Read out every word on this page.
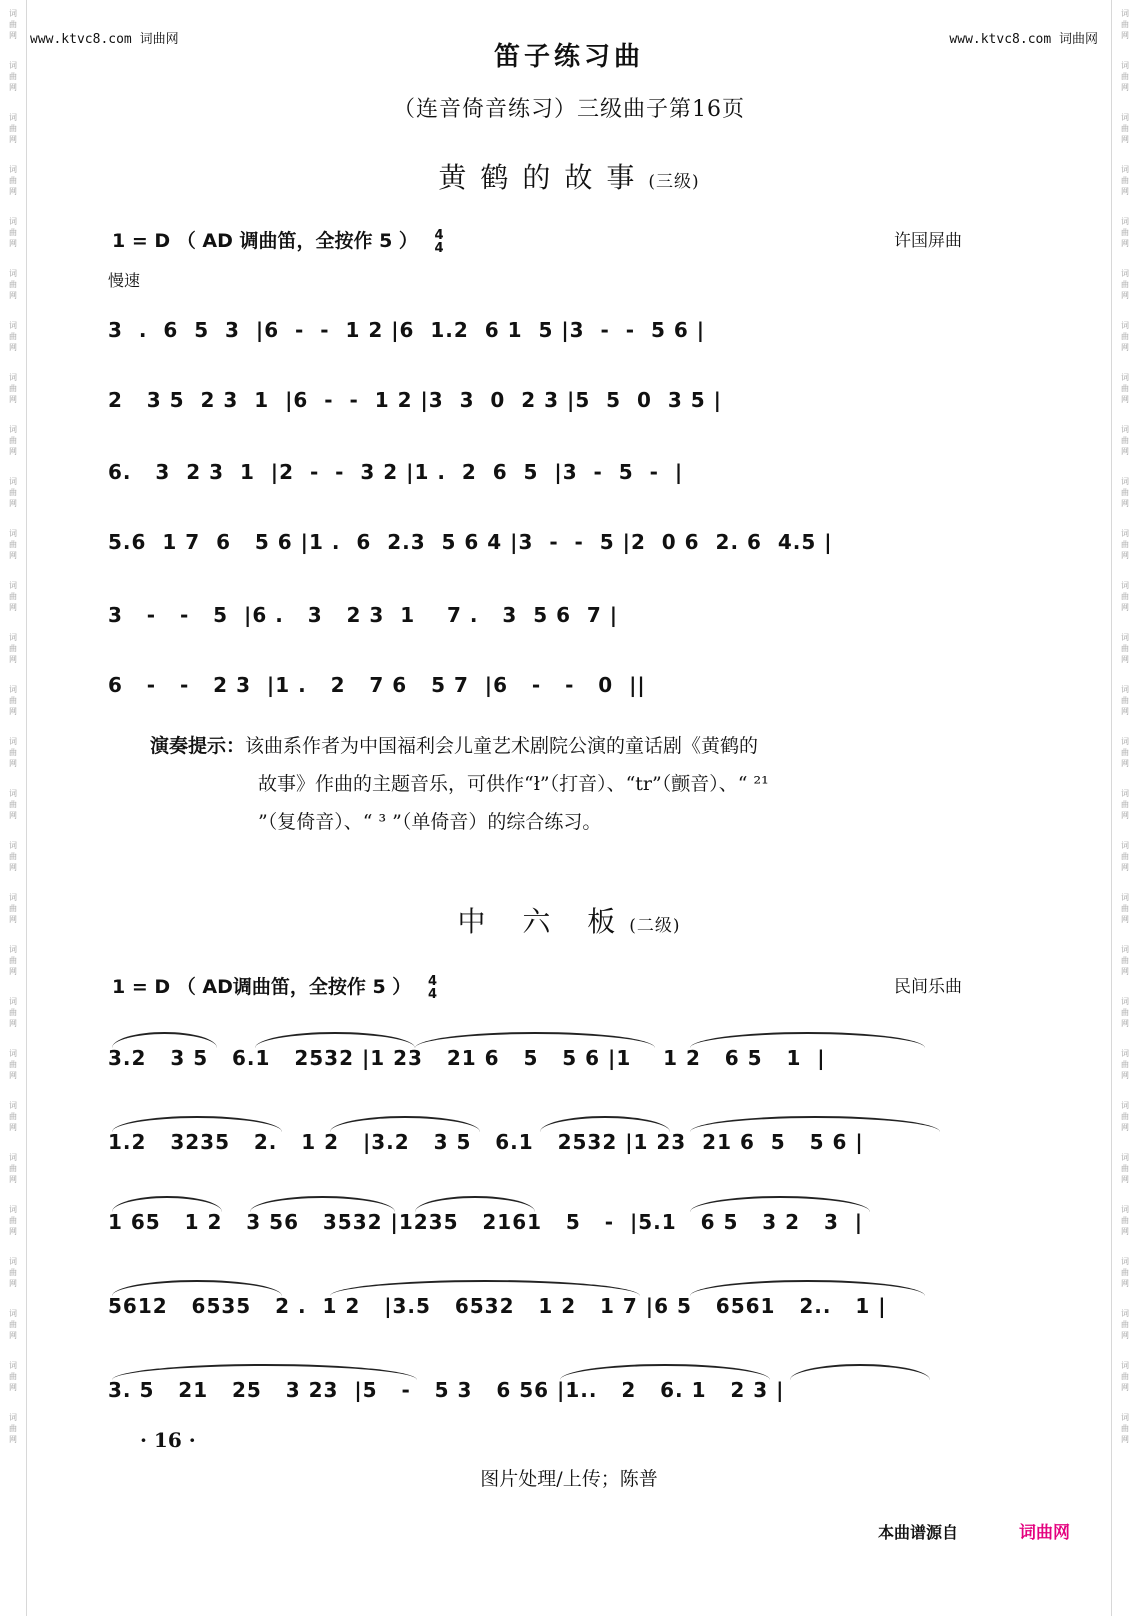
词
曲
网
词
曲
网
词
曲
网
词
曲
网
词
曲
网
词
曲
网
词
曲
网
词
曲
网
词
曲
网
词
曲
网
词
曲
网
词
曲
网
词
曲
网
词
曲
网
词
曲
网
词
曲
网
词
曲
网
词
曲
网
词
曲
网
词
曲
网
词
曲
网
词
曲
网
词
曲
网
词
曲
网
词
曲
网
词
曲
网
词
曲
网
词
曲
网
词
曲
网
词
曲
网
词
曲
网
词
曲
网
词
曲
网
词
曲
网
词
曲
网
词
曲
网
词
曲
网
词
曲
网
词
曲
网
词
曲
网
词
曲
网
词
曲
网
词
曲
网
词
曲
网
词
曲
网
词
曲
网
词
曲
网
词
曲
网
词
曲
网
词
曲
网
词
曲
网
词
曲
网
词
曲
网
词
曲
网
词
曲
网
词
曲
网
www.ktvc8.com 词曲网	www.ktvc8.com 词曲网
笛子练习曲
（连音倚音练习）三级曲子第16页
黄鹤的故事(三级)
1 = D （ AD 调曲笛，全按作 5 ） 4
4	许国屏曲
慢速
3  .  6  5  3  |6  -  -  1 2 |6  1.2  6 1  5 |3  -  -  5 6 |
2   3 5  2 3  1  |6  -  -  1 2 |3  3  0  2 3 |5  5  0  3 5 |
6.   3  2 3  1  |2  -  -  3 2 |1 .  2  6  5  |3  -  5  -  |
5.6  1 7  6   5 6 |1 .  6  2.3  5 6 4 |3  -  -  5 |2  0 6  2. 6  4.5 |
3   -   -   5  |6 .   3   2 3  1    7 .   3  5 6  7 |
6   -   -   2 3  |1 .   2   7 6   5 7  |6   -   -   0  ||
演奏提示：该曲系作者为中国福利会儿童艺术剧院公演的童话剧《黄鹤的故事》作曲的主题音乐，可供作“ł”（打音）、“tr”（颤音）、“ ²¹ ”（复倚音）、“ ³ ”（单倚音）的综合练习。
中 六 板(二级)
1 = D （ AD调曲笛，全按作 5 ） 4
4	民间乐曲
3.2   3 5   6.1   2532 |1 23   21 6   5   5 6 |1    1 2   6 5   1  |
1.2   3235   2.   1 2   |3.2   3 5   6.1   2532 |1 23  21 6  5   5 6 |
1 65   1 2   3 56   3532 |1235   2161   5   -  |5.1   6 5   3 2   3  |
5612   6535   2 .  1 2   |3.5   6532   1 2   1 7 |6 5   6561   2..   1 |
3. 5   21   25   3 23  |5   -   5 3   6 56 |1..   2   6. 1   2 3 |
· 16 ·
图片处理/上传；陈普
本曲谱源自	词曲网
